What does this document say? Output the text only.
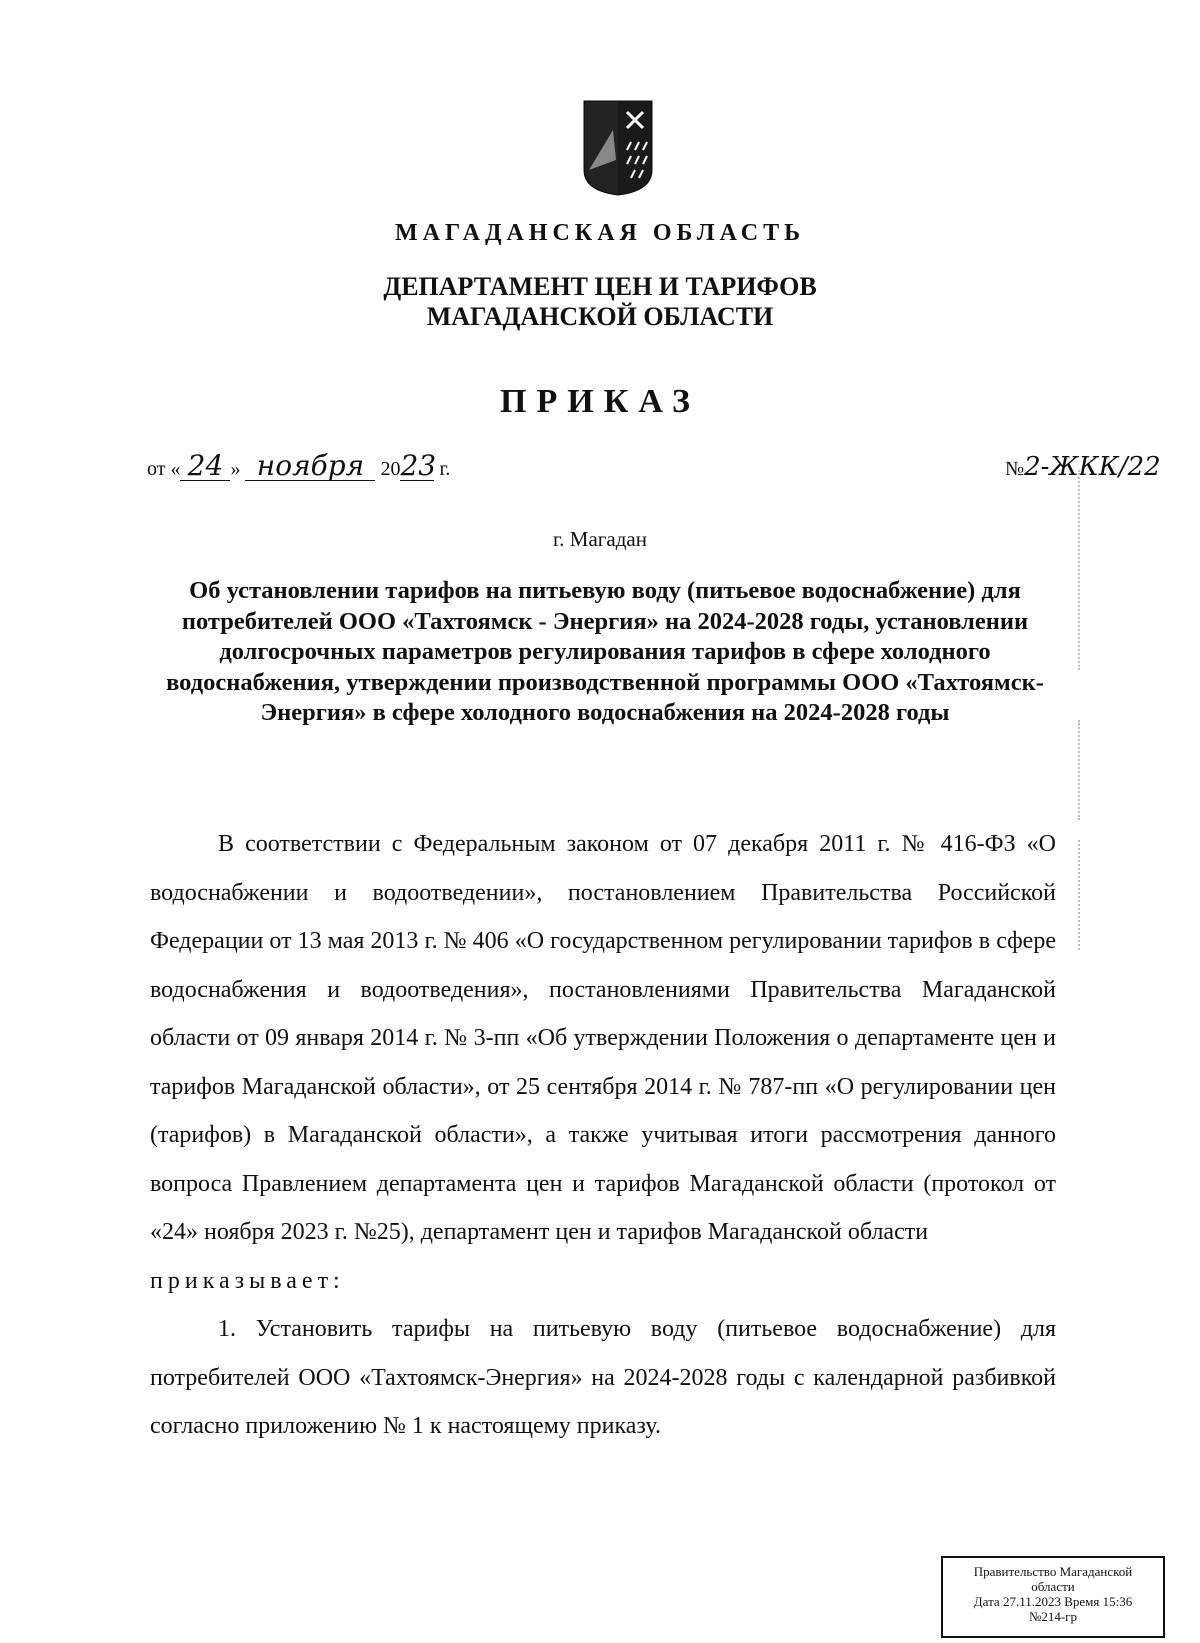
МАГАДАНСКАЯ ОБЛАСТЬ
ДЕПАРТАМЕНТ ЦЕН И ТАРИФОВ
МАГАДАНСКОЙ ОБЛАСТИ
ПРИКАЗ
от « 24 » ноября 2023 г.	№2-ЖКК/22
г. Магадан
Об установлении тарифов на питьевую воду (питьевое водоснабжение) для потребителей ООО «Тахтоямск - Энергия» на 2024-2028 годы, установлении долгосрочных параметров регулирования тарифов в сфере холодного водоснабжения, утверждении производственной программы ООО «Тахтоямск-Энергия» в сфере холодного водоснабжения на 2024-2028 годы

В соответствии с Федеральным законом от 07 декабря 2011 г. № 416-ФЗ «О водоснабжении и водоотведении», постановлением Правительства Российской Федерации от 13 мая 2013 г. № 406 «О государственном регулировании тарифов в сфере водоснабжения и водоотведения», постановлениями Правительства Магаданской области от 09 января 2014 г. № 3-пп «Об утверждении Положения о департаменте цен и тарифов Магаданской области», от 25 сентября 2014 г. № 787-пп «О регулировании цен (тарифов) в Магаданской области», а также учитывая итоги рассмотрения данного вопроса Правлением департамента цен и тарифов Магаданской области (протокол от «24» ноября 2023 г. №25), департамент цен и тарифов Магаданской области

приказывает:

1. Установить тарифы на питьевую воду (питьевое водоснабжение) для потребителей ООО «Тахтоямск-Энергия» на 2024-2028 годы с календарной разбивкой согласно приложению № 1 к настоящему приказу.

Правительство Магаданской
области
Дата 27.11.2023 Время 15:36
№214-гр
